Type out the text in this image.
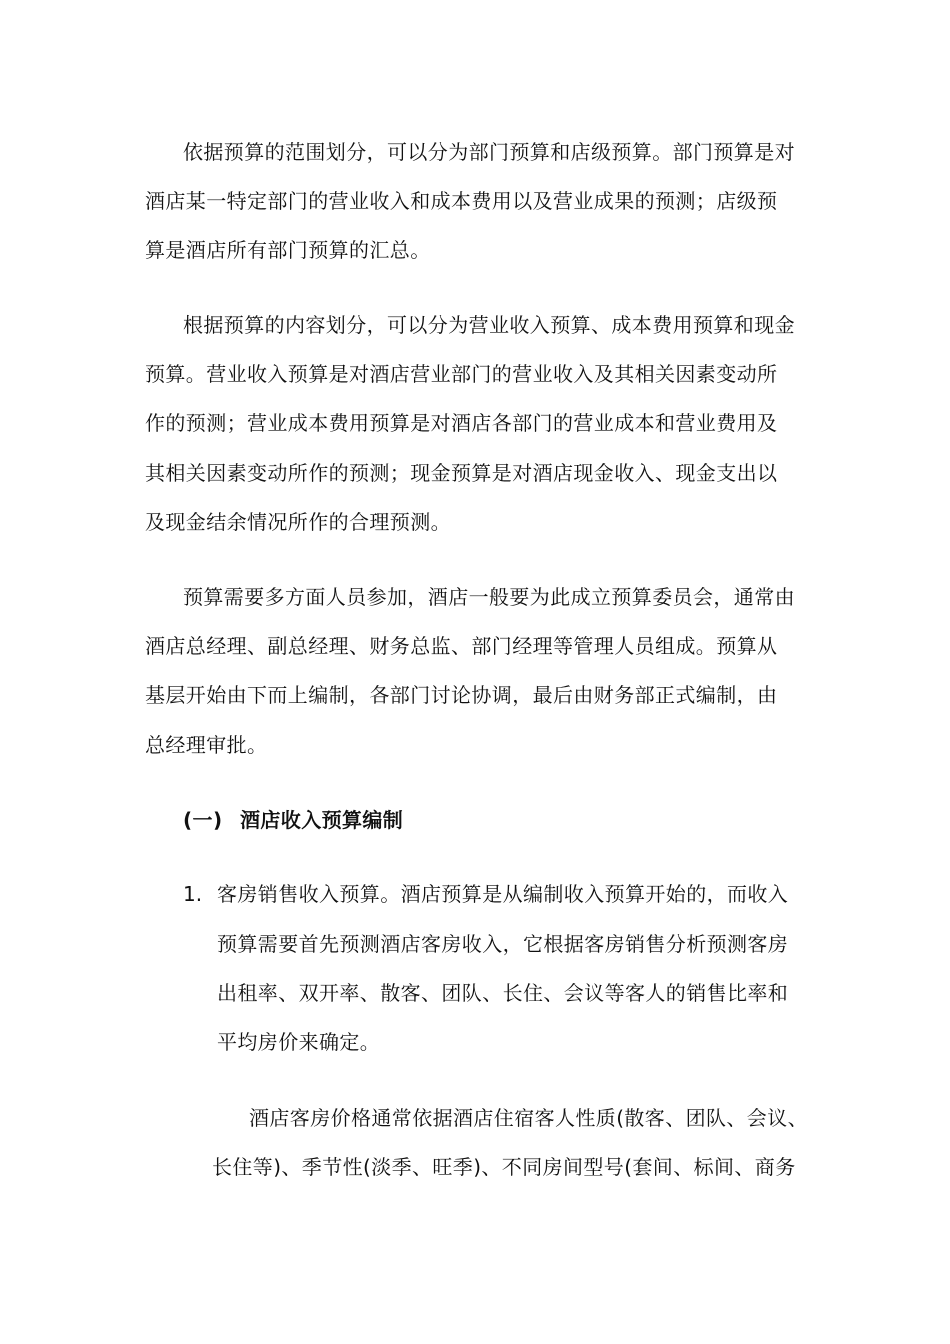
依据预算的范围划分，可以分为部门预算和店级预算。部门预算是对
酒店某一特定部门的营业收入和成本费用以及营业成果的预测；店级预
算是酒店所有部门预算的汇总。
根据预算的内容划分，可以分为营业收入预算、成本费用预算和现金
预算。营业收入预算是对酒店营业部门的营业收入及其相关因素变动所
作的预测；营业成本费用预算是对酒店各部门的营业成本和营业费用及
其相关因素变动所作的预测；现金预算是对酒店现金收入、现金支出以
及现金结余情况所作的合理预测。
预算需要多方面人员参加，酒店一般要为此成立预算委员会，通常由
酒店总经理、副总经理、财务总监、部门经理等管理人员组成。预算从
基层开始由下而上编制，各部门讨论协调，最后由财务部正式编制，由
总经理审批。
(一) 酒店收入预算编制
1. 客房销售收入预算。酒店预算是从编制收入预算开始的，而收入
预算需要首先预测酒店客房收入，它根据客房销售分析预测客房
出租率、双开率、散客、团队、长住、会议等客人的销售比率和
平均房价来确定。
酒店客房价格通常依据酒店住宿客人性质(散客、团队、会议、
长住等)、季节性(淡季、旺季)、不同房间型号(套间、标间、商务
